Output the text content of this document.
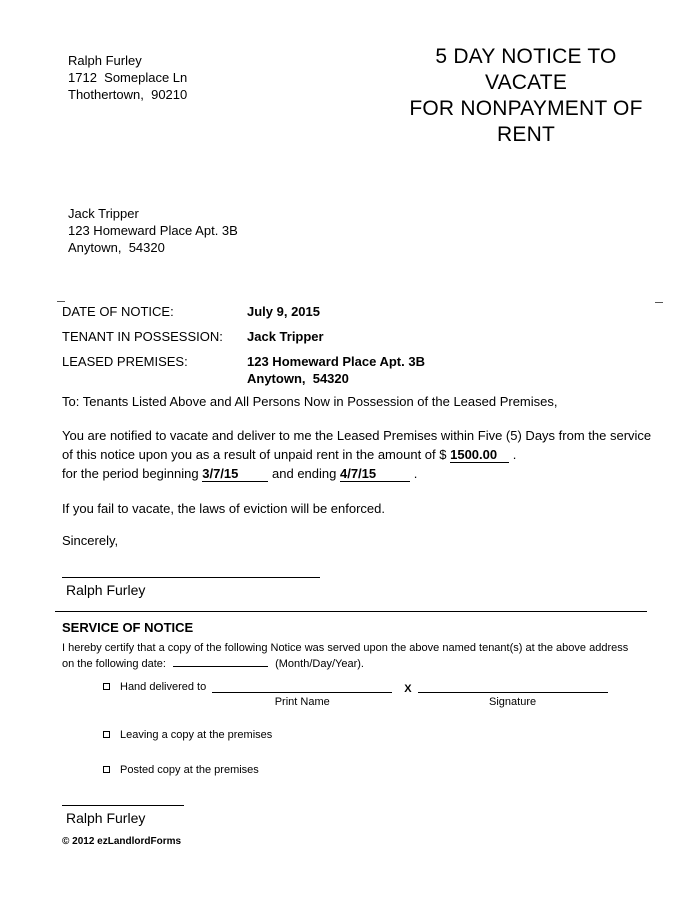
Ralph Furley
1712  Someplace Ln
Thothertown,  90210
5 DAY NOTICE TO VACATE
FOR NONPAYMENT OF RENT
Jack Tripper
123 Homeward Place Apt. 3B
Anytown,  54320
DATE OF NOTICE:	July 9, 2015
TENANT IN POSSESSION:	Jack Tripper
LEASED PREMISES:	123 Homeward Place Apt. 3B
Anytown,  54320
To: Tenants Listed Above and All Persons Now in Possession of the Leased Premises,
You are notified to vacate and deliver to me the Leased Premises within Five (5) Days from the service of this notice upon you as a result of unpaid rent in the amount of $ 1500.00 .
for the period beginning 3/7/15	and ending 4/7/15	.
If you fail to vacate, the laws of eviction will be enforced.
Sincerely,
Ralph Furley
SERVICE OF NOTICE
I hereby certify that a copy of the following Notice was served upon the above named tenant(s) at the above address on the following date:	(Month/Day/Year).
Hand delivered to
Print Name
X
Signature
Leaving a copy at the premises
Posted copy at the premises
Ralph Furley
© 2012 ezLandlordForms
